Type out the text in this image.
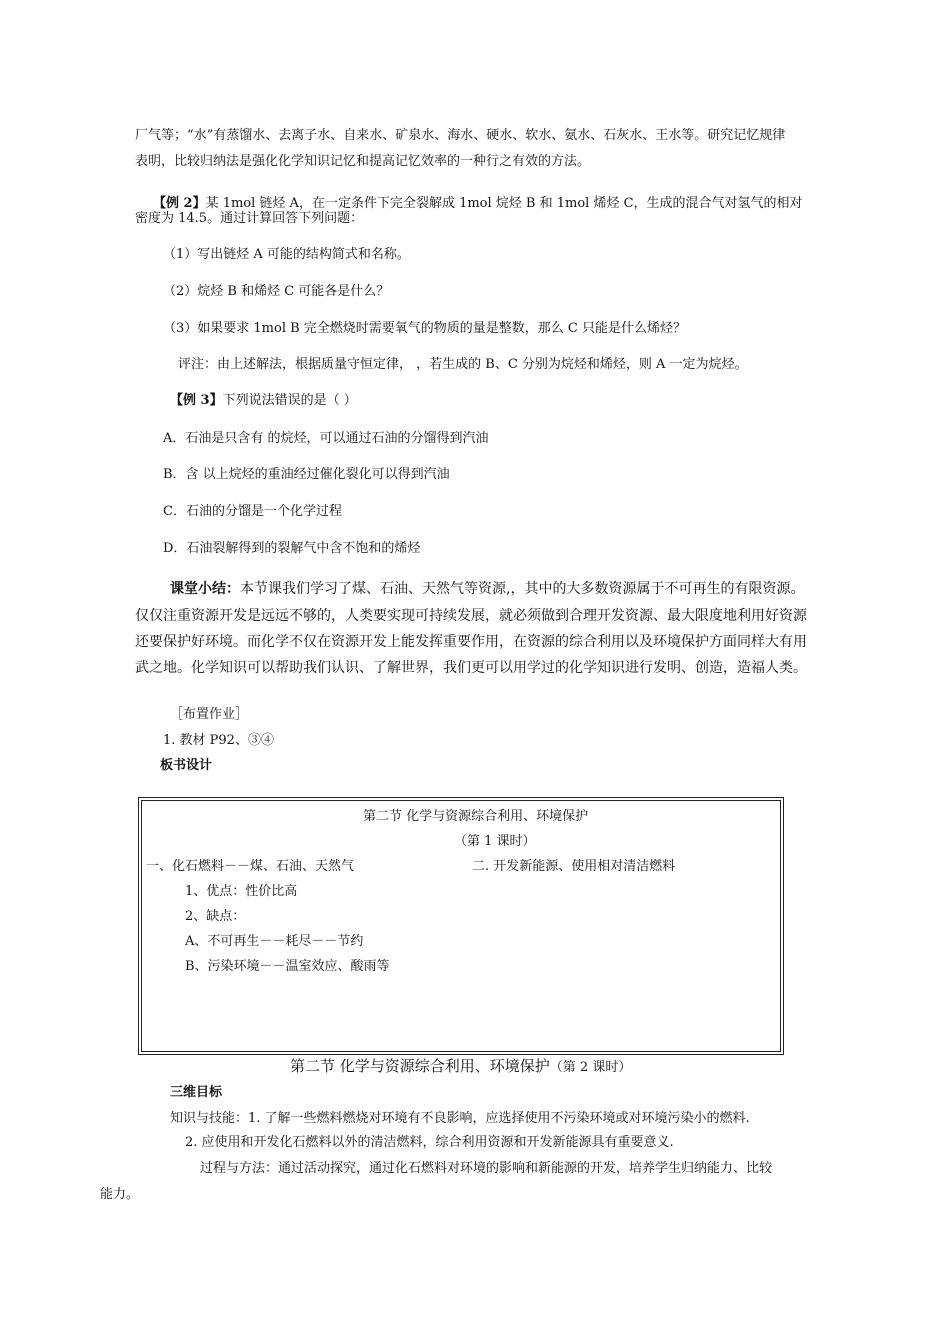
厂气等；“水”有蒸馏水、去离子水、自来水、矿泉水、海水、硬水、软水、氨水、石灰水、王水等。研究记忆规律
表明，比较归纳法是强化化学知识记忆和提高记忆效率的一种行之有效的方法。
【例 2】某 1mol 链烃 A，在一定条件下完全裂解成 1mol 烷烃 B 和 1mol 烯烃 C，生成的混合气对氢气的相对
密度为 14.5。通过计算回答下列问题：
（1）写出链烃 A 可能的结构简式和名称。
（2）烷烃 B 和烯烃 C 可能各是什么？
（3）如果要求 1mol B 完全燃烧时需要氧气的物质的量是整数，那么 C 只能是什么烯烃？
评注：由上述解法，根据质量守恒定律， ，若生成的 B、C 分别为烷烃和烯烃，则 A 一定为烷烃。
【例 3】下列说法错误的是（ ）
A．石油是只含有 的烷烃，可以通过石油的分馏得到汽油
B．含 以上烷烃的重油经过催化裂化可以得到汽油
C．石油的分馏是一个化学过程
D．石油裂解得到的裂解气中含不饱和的烯烃
课堂小结：本节课我们学习了煤、石油、天然气等资源,，其中的大多数资源属于不可再生的有限资源。
仅仅注重资源开发是远远不够的，人类要实现可持续发展，就必须做到合理开发资源、最大限度地利用好资源
还要保护好环境。而化学不仅在资源开发上能发挥重要作用，在资源的综合利用以及环境保护方面同样大有用
武之地。化学知识可以帮助我们认识、了解世界，我们更可以用学过的化学知识进行发明、创造，造福人类。
［布置作业］
1. 教材 P92、③④
板书设计
第二节 化学与资源综合利用、环境保护
（第 1 课时）
一、化石燃料－－煤、石油、天然气	二. 开发新能源、使用相对清洁燃料
1、优点：性价比高
2、缺点：
A、不可再生－－耗尽－－节约
B、污染环境－－温室效应、酸雨等
第二节 化学与资源综合利用、环境保护（第 2 课时）
三维目标
知识与技能：1. 了解一些燃料燃烧对环境有不良影响，应选择使用不污染环境或对环境污染小的燃料.
2. 应使用和开发化石燃料以外的清洁燃料，综合利用资源和开发新能源具有重要意义.
过程与方法：通过活动探究，通过化石燃料对环境的影响和新能源的开发，培养学生归纳能力、比较
能力。
